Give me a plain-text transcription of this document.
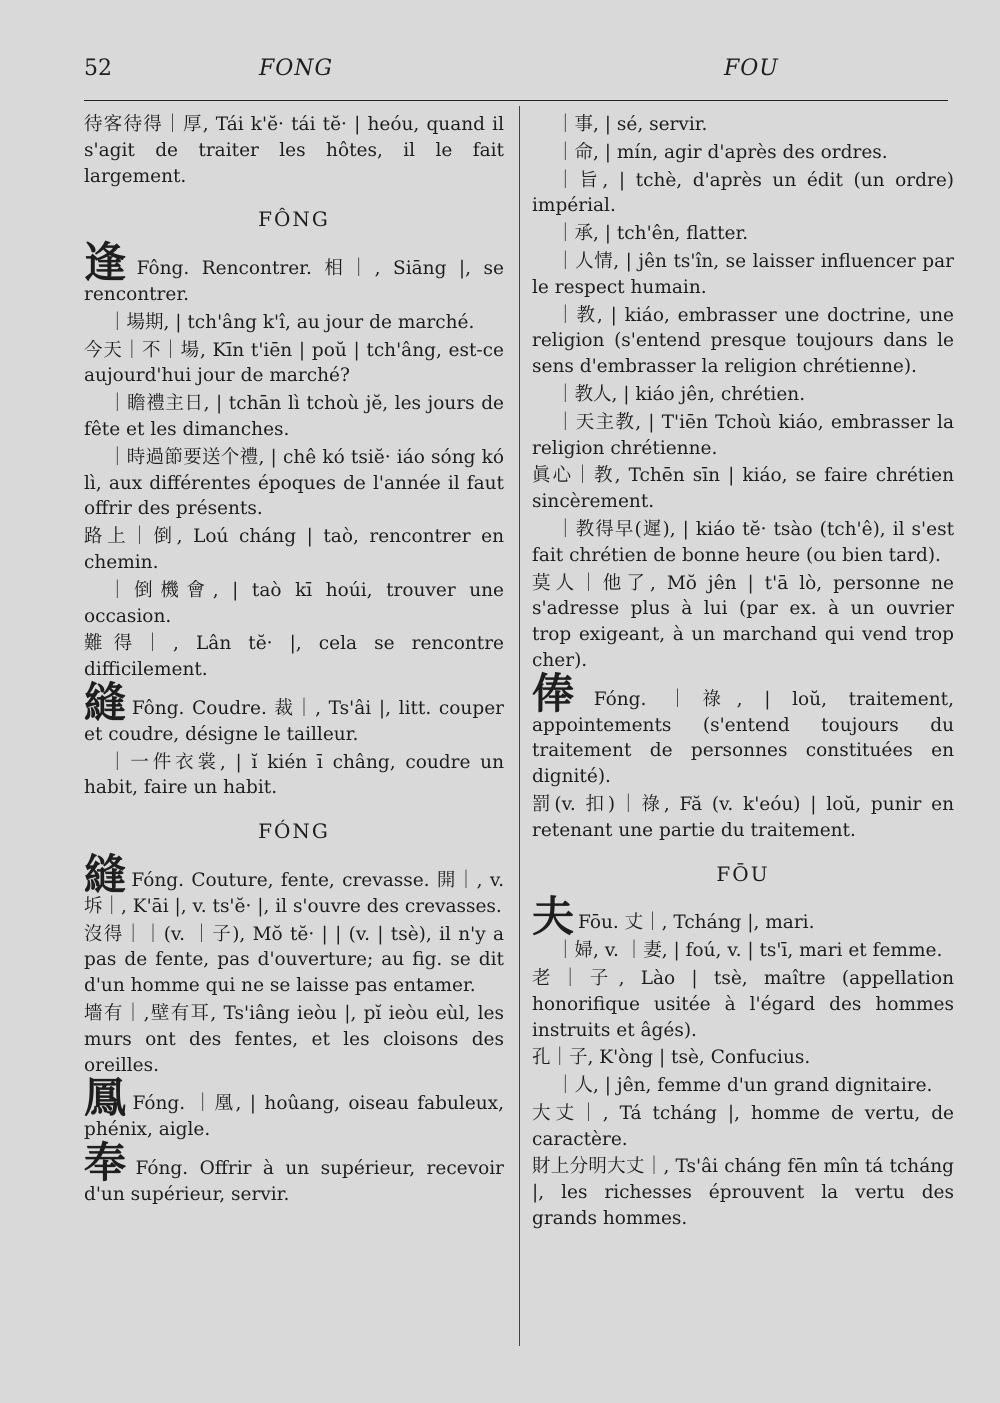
52	FONG	FOU
待客待得｜厚, Tái k'ĕ· tái tĕ· | heóu, quand il s'agit de traiter les hôtes, il le fait largement.
FÔNG
逢 Fông. Rencontrer. 相｜, Siāng |, se rencontrer.
｜場期, | tch'âng k'î, au jour de marché.
今天｜不｜場, Kīn t'iēn | poŭ | tch'âng, est-ce aujourd'hui jour de marché?
｜瞻禮主日, | tchān lì tchoù jĕ, les jours de fête et les dimanches.
｜時過節要送个禮, | chê kó tsiĕ· iáo sóng kó lì, aux différentes époques de l'année il faut offrir des présents.
路上｜倒, Loú cháng | taò, rencontrer en chemin.
｜倒機會, | taò kī hoúi, trouver une occasion.
難得｜, Lân tĕ· |, cela se rencontre difficilement.
縫 Fông. Coudre. 裁｜, Ts'âi |, litt. couper et coudre, désigne le tailleur.
｜一件衣裳, | ĭ kién ī châng, coudre un habit, faire un habit.
FÓNG
縫 Fóng. Couture, fente, crevasse. 開｜, v. 坼｜, K'āi |, v. ts'ĕ· |, il s'ouvre des crevasses.
沒得｜｜(v. ｜子), Mŏ tĕ· | | (v. | tsè), il n'y a pas de fente, pas d'ouverture; au fig. se dit d'un homme qui ne se laisse pas entamer.
墻有｜,壁有耳, Ts'iâng ieòu |, pĭ ieòu eùl, les murs ont des fentes, et les cloisons des oreilles.
鳳 Fóng. ｜凰, | hoûang, oiseau fabuleux, phénix, aigle.
奉 Fóng. Offrir à un supérieur, recevoir d'un supérieur, servir.
｜事, | sé, servir.
｜命, | mín, agir d'après des ordres.
｜旨, | tchè, d'après un édit (un ordre) impérial.
｜承, | tch'ên, flatter.
｜人情, | jên ts'în, se laisser influencer par le respect humain.
｜教, | kiáo, embrasser une doctrine, une religion (s'entend presque toujours dans le sens d'embrasser la religion chrétienne).
｜教人, | kiáo jên, chrétien.
｜天主教, | T'iēn Tchoù kiáo, embrasser la religion chrétienne.
眞心｜教, Tchēn sīn | kiáo, se faire chrétien sincèrement.
｜教得早(遲), | kiáo tĕ· tsào (tch'ê), il s'est fait chrétien de bonne heure (ou bien tard).
莫人｜他了, Mŏ jên | t'ā lò, personne ne s'adresse plus à lui (par ex. à un ouvrier trop exigeant, à un marchand qui vend trop cher).
俸 Fóng. ｜祿, | loŭ, traitement, appointements (s'entend toujours du traitement de personnes constituées en dignité).
罰(v. 扣)｜祿, Fă (v. k'eóu) | loŭ, punir en retenant une partie du traitement.
FŌU
夫 Fōu. 丈｜, Tcháng |, mari.
｜婦, v. ｜妻, | foú, v. | ts'ī, mari et femme.
老｜子, Lào | tsè, maître (appellation honorifique usitée à l'égard des hommes instruits et âgés).
孔｜子, K'òng | tsè, Confucius.
｜人, | jên, femme d'un grand dignitaire.
大丈｜, Tá tcháng |, homme de vertu, de caractère.
財上分明大丈｜, Ts'âi cháng fēn mîn tá tcháng |, les richesses éprouvent la vertu des grands hommes.
